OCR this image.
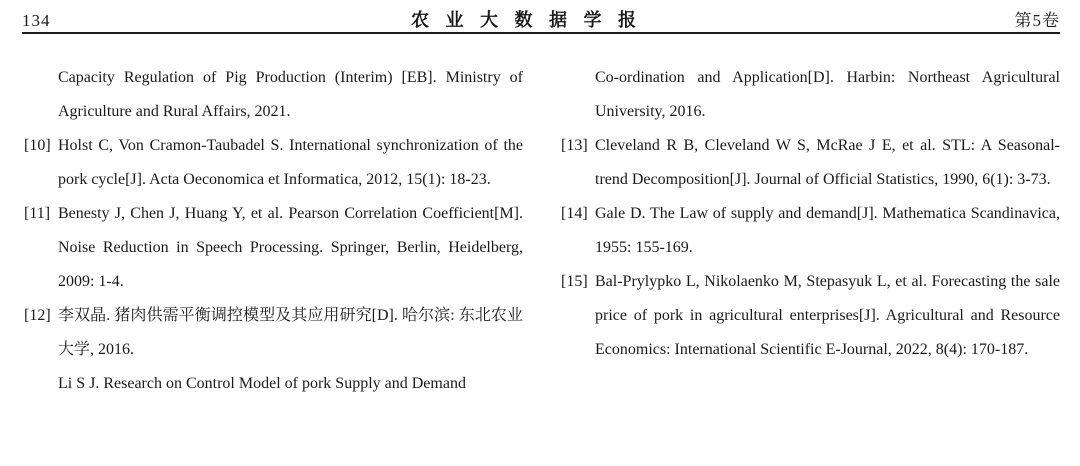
134	农 业 大 数 据 学 报	第5卷
Capacity Regulation of Pig Production (Interim) [EB]. Ministry of Agriculture and Rural Affairs, 2021.
[10] Holst C, Von Cramon-Taubadel S. International synchronization of the pork cycle[J]. Acta Oeconomica et Informatica, 2012, 15(1): 18-23.
[11] Benesty J, Chen J, Huang Y, et al. Pearson Correlation Coefficient[M]. Noise Reduction in Speech Processing. Springer, Berlin, Heidelberg, 2009: 1-4.
[12] 李双晶. 猪肉供需平衡调控模型及其应用研究[D]. 哈尔滨: 东北农业大学, 2016.
Li S J. Research on Control Model of pork Supply and Demand
Co-ordination and Application[D]. Harbin: Northeast Agricultural University, 2016.
[13] Cleveland R B, Cleveland W S, McRae J E, et al. STL: A Seasonal-trend Decomposition[J]. Journal of Official Statistics, 1990, 6(1): 3-73.
[14] Gale D. The Law of supply and demand[J]. Mathematica Scandinavica, 1955: 155-169.
[15] Bal-Prylypko L, Nikolaenko M, Stepasyuk L, et al. Forecasting the sale price of pork in agricultural enterprises[J]. Agricultural and Resource Economics: International Scientific E-Journal, 2022, 8(4): 170-187.
